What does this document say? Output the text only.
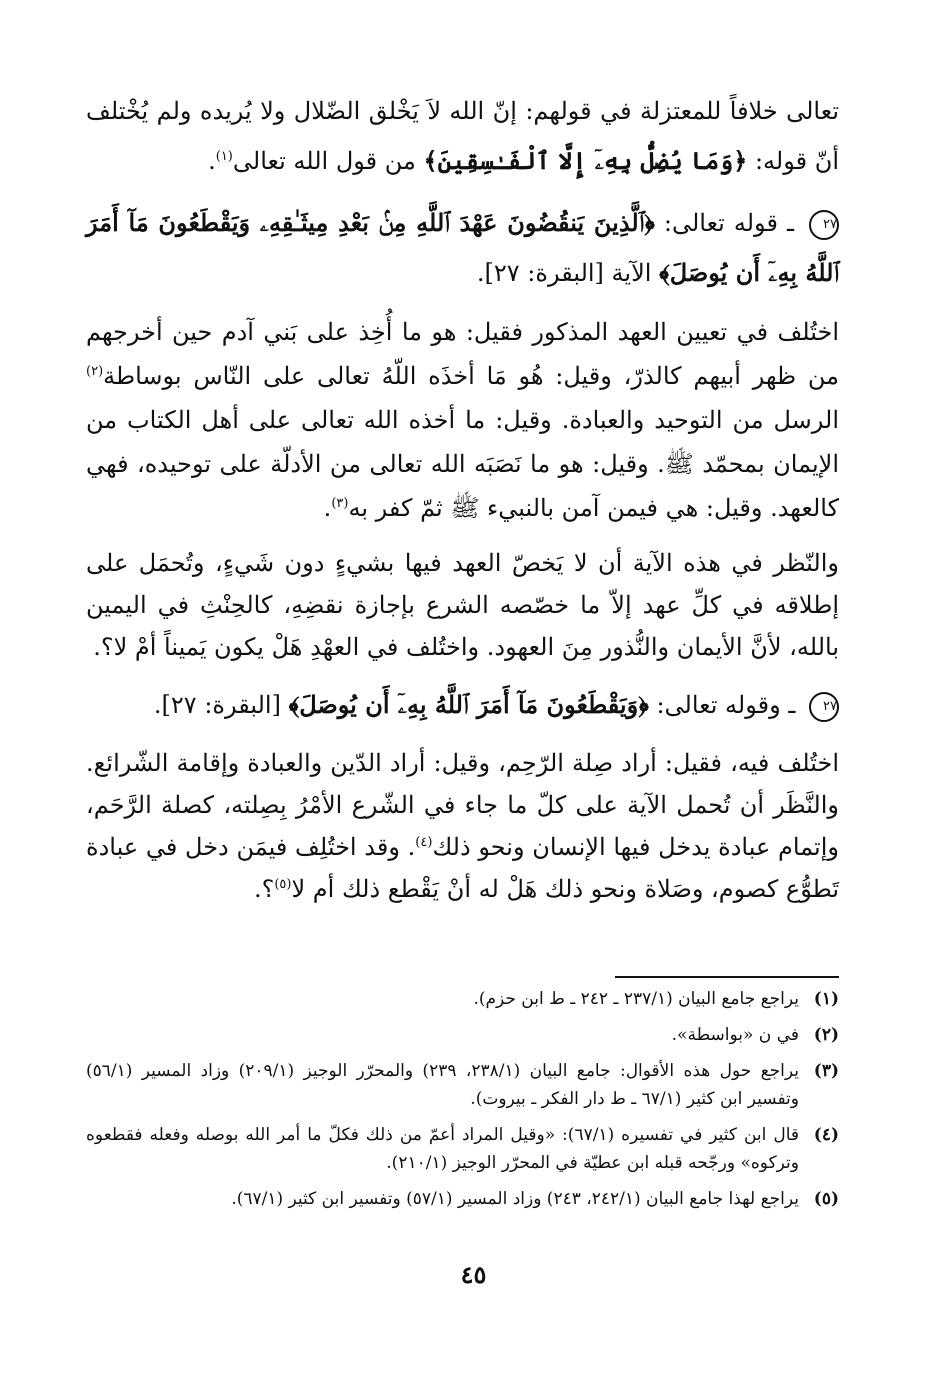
تعالى خلافاً للمعتزلة في قولهم: إنّ الله لاَ يَخْلق الضّلال ولا يُريده ولم يُخْتلف أنّ قوله: ﴿وَمَا يُضِلُّ بِهِۦٓ إِلَّا ٱلْفَـٰسِقِينَ﴾ من قول الله تعالى$^{(١)}$.

٢٧ ـ قوله تعالى: ﴿ٱلَّذِينَ يَنقُضُونَ عَهْدَ ٱللَّهِ مِنۢ بَعْدِ مِيثَـٰقِهِۦ وَيَقْطَعُونَ مَآ أَمَرَ ٱللَّهُ بِهِۦٓ أَن يُوصَلَ﴾ الآية [البقرة: ٢٧].

اختُلف في تعيين العهد المذكور فقيل: هو ما أُخِذ على بَني آدم حين أخرجهم من ظهر أبيهم كالذرّ، وقيل: هُو مَا أخذَه اللّهُ تعالى على النّاس بوساطة$^{(٢)}$ الرسل من التوحيد والعبادة. وقيل: ما أخذه الله تعالى على أهل الكتاب من الإيمان بمحمّد ﷺ. وقيل: هو ما نَصَبَه الله تعالى من الأدلّة على توحيده، فهي كالعهد. وقيل: هي فيمن آمن بالنبيء ﷺ ثمّ كفر به$^{(٣)}$.

والنّظر في هذه الآية أن لا يَخصّ العهد فيها بشيءٍ دون شَيءٍ، وتُحمَل على إطلاقه في كلِّ عهد إلاّ ما خصّصه الشرع بإجازة نقضِهِ، كالحِنْثِ في اليمين بالله، لأنَّ الأيمان والنُّذور مِنَ العهود. واختُلف في العهْدِ هَلْ يكون يَميناً أمْ لا؟.

٢٧ ـ وقوله تعالى: ﴿وَيَقْطَعُونَ مَآ أَمَرَ ٱللَّهُ بِهِۦٓ أَن يُوصَلَ﴾ [البقرة: ٢٧].

اختُلف فيه، فقيل: أراد صِلة الرّحِم، وقيل: أراد الدّين والعبادة وإقامة الشّرائع. والنَّظَر أن تُحمل الآية على كلّ ما جاء في الشّرع الأمْرُ بِصِلته، كصلة الرَّحَم، وإتمام عبادة يدخل فيها الإنسان ونحو ذلك$^{(٤)}$. وقد اختُلِف فيمَن دخل في عبادة تَطوُّع كصوم، وصَلاة ونحو ذلك هَلْ له أنْ يَقْطع ذلك أم لا$^{(٥)}$؟.

(١)
يراجع جامع البيان (٢٣٧/١ ـ ٢٤٢ ـ ط ابن حزم).
(٢)
في ن «بواسطة».
(٣)
يراجع حول هذه الأقوال: جامع البيان (٢٣٨/١، ٢٣٩) والمحرّر الوجيز (٢٠٩/١) وزاد المسير (٥٦/١) وتفسير ابن كثير (٦٧/١ ـ ط دار الفكر ـ بيروت).
(٤)
قال ابن كثير في تفسيره (٦٧/١): «وقيل المراد أعمّ من ذلك فكلّ ما أمر الله بوصله وفعله فقطعوه وتركوه» ورجّحه قبله ابن عطيّة في المحرّر الوجيز (٢١٠/١).
(٥)
يراجع لهذا جامع البيان (٢٤٢/١، ٢٤٣) وزاد المسير (٥٧/١) وتفسير ابن كثير (٦٧/١).
٤٥
